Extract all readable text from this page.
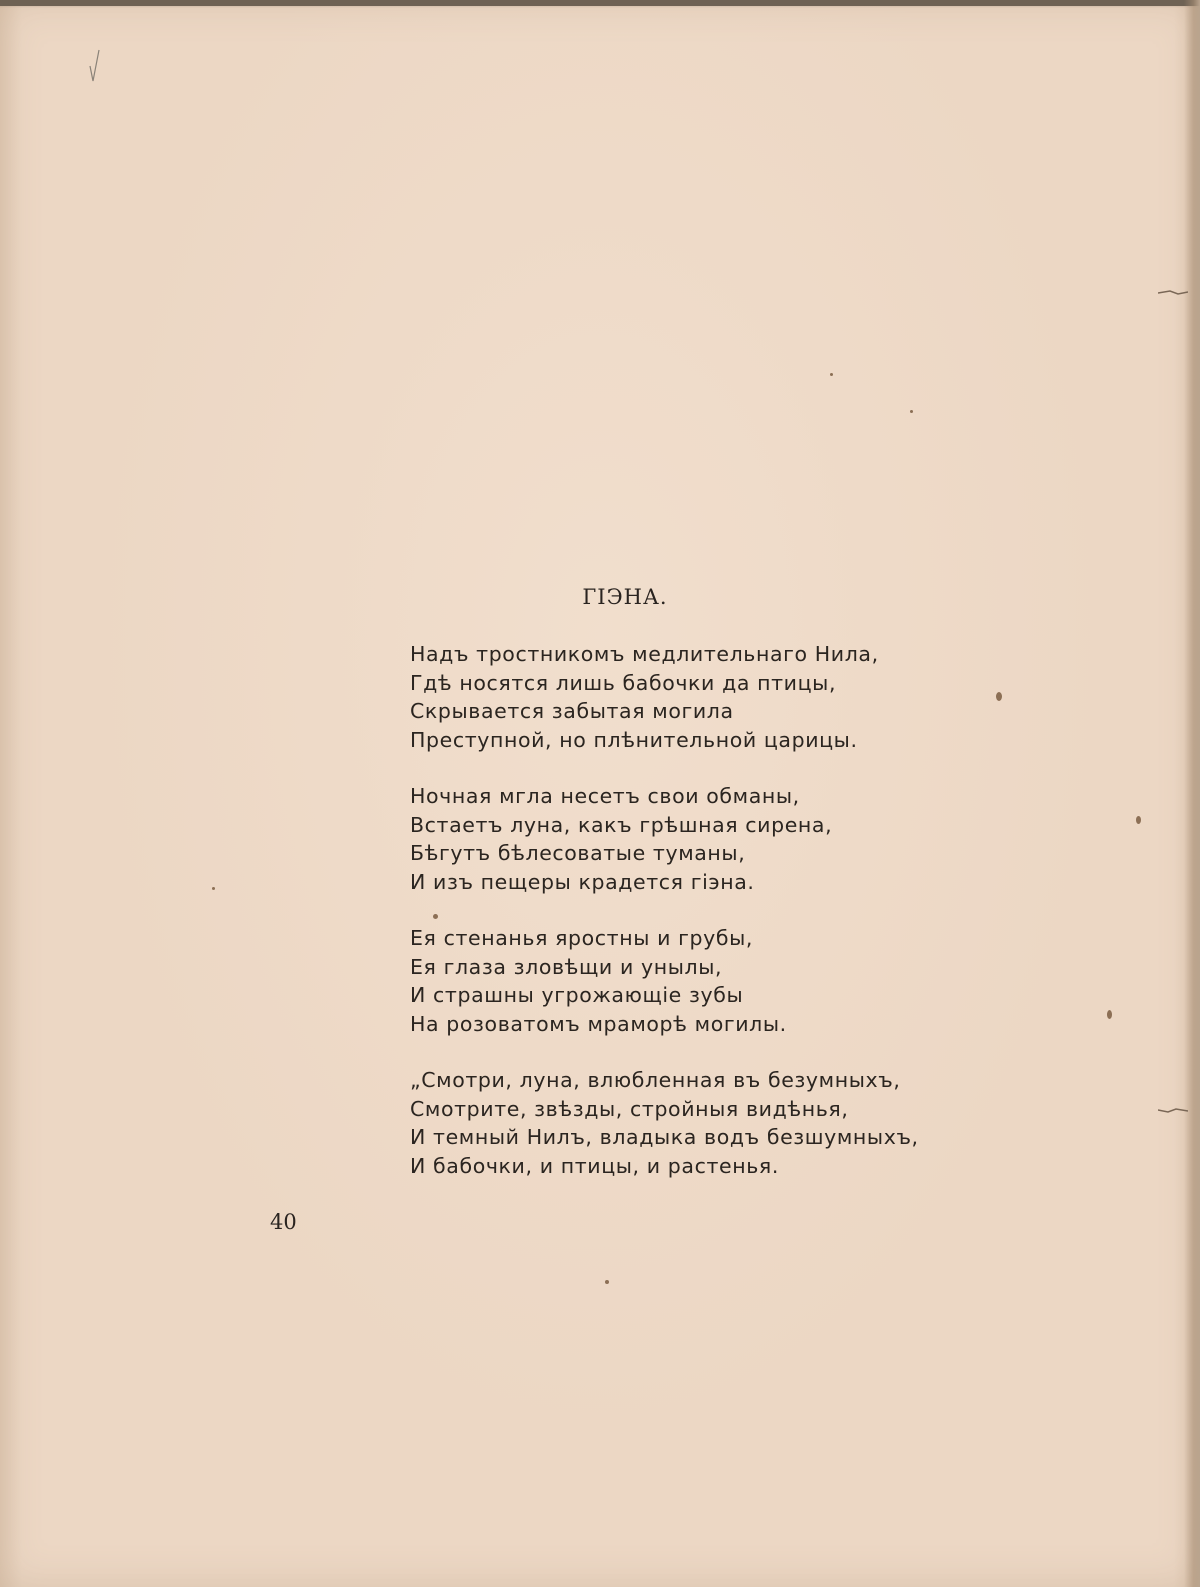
ГІЭНА.
Надъ тростникомъ медлительнаго Нила,
Гдѣ носятся лишь бабочки да птицы,
Скрывается забытая могила
Преступной, но плѣнительной царицы.
Ночная мгла несетъ свои обманы,
Встаетъ луна, какъ грѣшная сирена,
Бѣгутъ бѣлесоватые туманы,
И изъ пещеры крадется гіэна.
Ея стенанья яростны и грубы,
Ея глаза зловѣщи и унылы,
И страшны угрожающіе зубы
На розоватомъ мраморѣ могилы.
„Смотри, луна, влюбленная въ безумныхъ,
Смотрите, звѣзды, стройныя видѣнья,
И темный Нилъ, владыка водъ безшумныхъ,
И бабочки, и птицы, и растенья.
40
